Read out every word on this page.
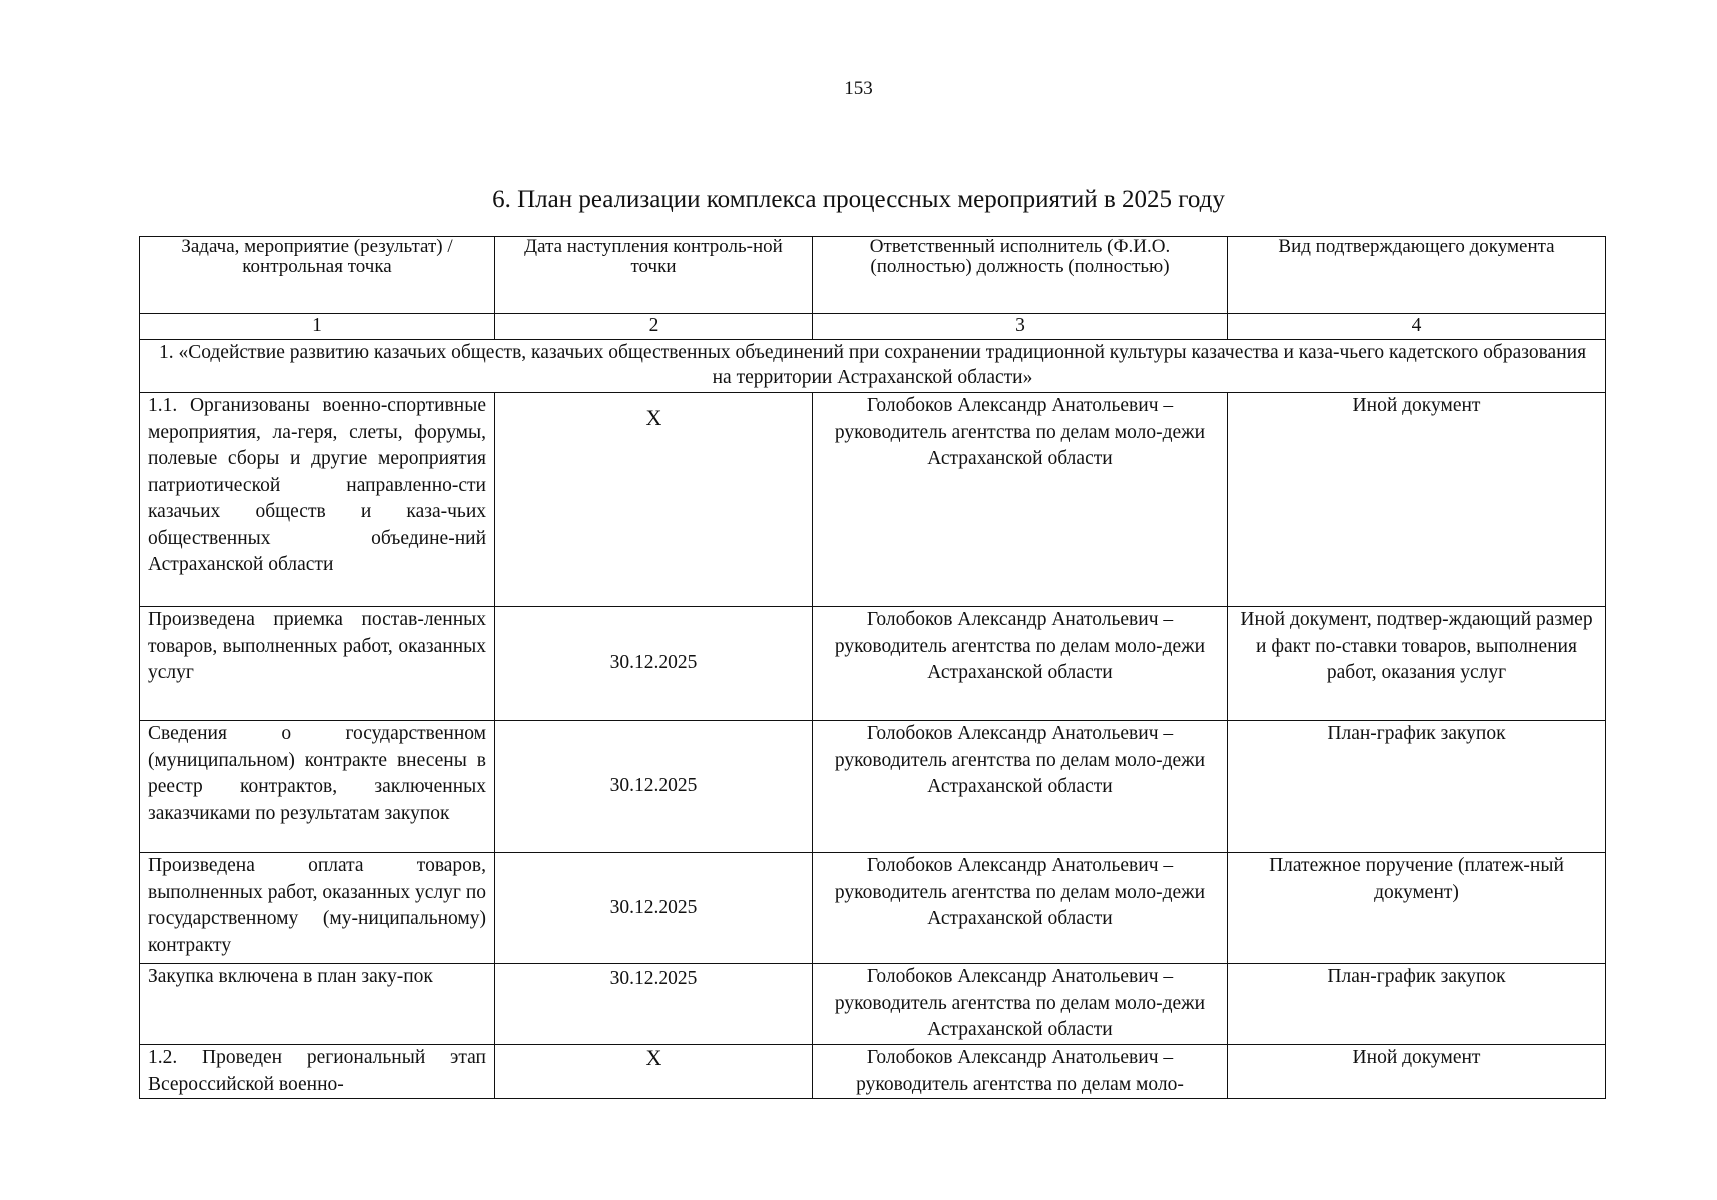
153
6. План реализации комплекса процессных мероприятий в 2025 году
Задача, мероприятие (результат) / контрольная точка	Дата наступления контроль-ной точки	Ответственный исполнитель (Ф.И.О. (полностью) должность (полностью)	Вид подтверждающего документа
1	2	3	4
1. «Содействие развитию казачьих обществ, казачьих общественных объединений при сохранении традиционной культуры казачества и каза-чьего кадетского образования на территории Астраханской области»			
1.1. Организованы военно-спортивные мероприятия, ла-геря, слеты, форумы, полевые сборы и другие мероприятия патриотической направленно-сти казачьих обществ и каза-чьих общественных объедине-ний Астраханской области	Х	Голобоков Александр Анатольевич – руководитель агентства по делам моло-дежи Астраханской области	Иной документ
Произведена приемка постав-ленных товаров, выполненных работ, оказанных услуг	30.12.2025	Голобоков Александр Анатольевич – руководитель агентства по делам моло-дежи Астраханской области	Иной документ, подтвер-ждающий размер и факт по-ставки товаров, выполнения работ, оказания услуг
Сведения о государственном (муниципальном) контракте внесены в реестр контрактов, заключенных заказчиками по результатам закупок	30.12.2025	Голобоков Александр Анатольевич – руководитель агентства по делам моло-дежи Астраханской области	План-график закупок
Произведена оплата товаров, выполненных работ, оказанных услуг по государственному (му-ниципальному) контракту	30.12.2025	Голобоков Александр Анатольевич – руководитель агентства по делам моло-дежи Астраханской области	Платежное поручение (платеж-ный документ)
Закупка включена в план заку-пок	30.12.2025	Голобоков Александр Анатольевич – руководитель агентства по делам моло-дежи Астраханской области	План-график закупок
1.2. Проведен региональный этап Всероссийской военно-	Х	Голобоков Александр Анатольевич – руководитель агентства по делам моло-	Иной документ
